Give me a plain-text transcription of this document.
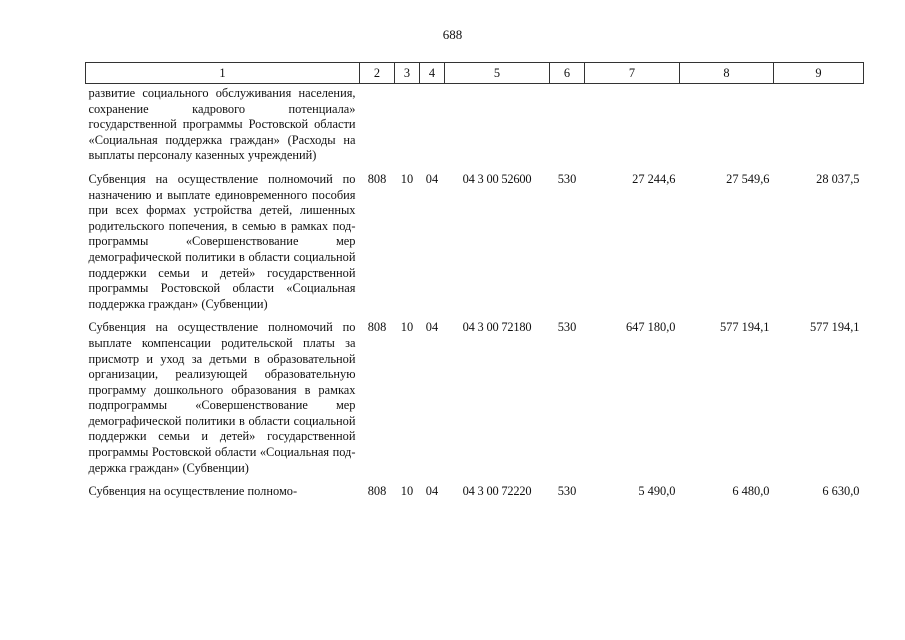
688
1	2	3	4	5	6	7	8	9
развитие социального обслуживания населения, сохранение кадрового потенциала» государственной программы Ростовской области «Социальная поддержка граждан» (Расходы на выплаты персоналу казенных учреждений)								
Субвенция на осуществление полномочий по назначению и выплате единовременного пособия при всех формах устройства детей, лишенных родительского попечения, в семью в рамках подпрограммы «Совершенствование мер демографической политики в области социальной поддержки семьи и детей» государственной программы Ростовской области «Социальная поддержка граждан» (Субвенции)	808	10	04	04 3 00 52600	530	27 244,6	27 549,6	28 037,5
Субвенция на осуществление полномочий по выплате компенсации родительской платы за присмотр и уход за детьми в образовательной организации, реализующей образовательную программу дошкольного образования в рамках подпрограммы «Совершенствование мер демографической политики в области социальной поддержки семьи и детей» государственной программы Ростовской области «Социальная поддержка граждан» (Субвенции)	808	10	04	04 3 00 72180	530	647 180,0	577 194,1	577 194,1
Субвенция на осуществление полномо-	808	10	04	04 3 00 72220	530	5 490,0	6 480,0	6 630,0
